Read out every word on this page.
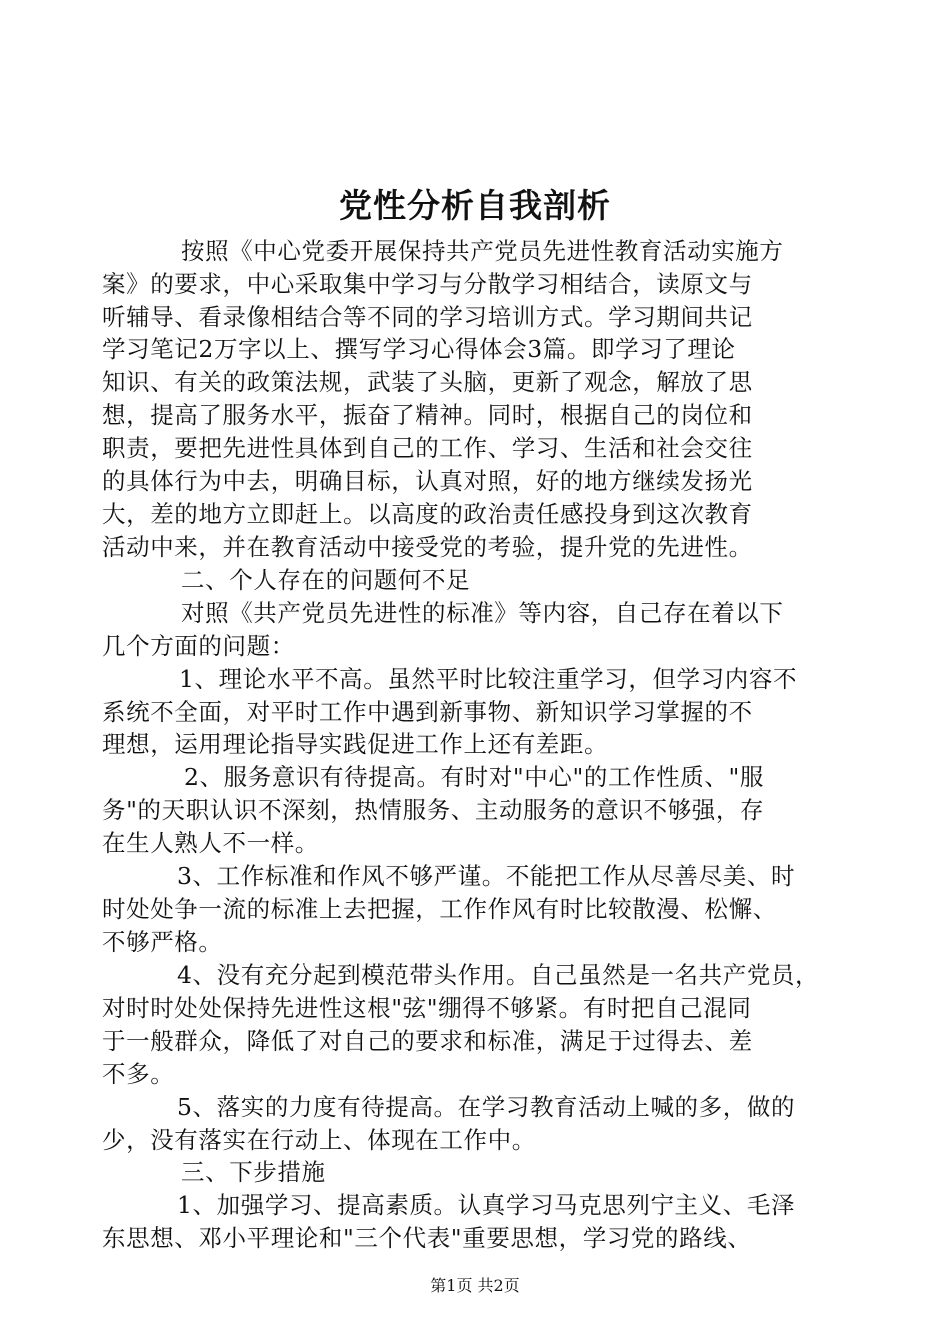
党性分析自我剖析
按照《中心党委开展保持共产党员先进性教育活动实施方
案》的要求，中心采取集中学习与分散学习相结合，读原文与
听辅导、看录像相结合等不同的学习培训方式。学习期间共记
学习笔记2万字以上、撰写学习心得体会3篇。即学习了理论
知识、有关的政策法规，武装了头脑，更新了观念，解放了思
想，提高了服务水平，振奋了精神。同时，根据自己的岗位和
职责，要把先进性具体到自己的工作、学习、生活和社会交往
的具体行为中去，明确目标，认真对照，好的地方继续发扬光
大，差的地方立即赶上。以高度的政治责任感投身到这次教育
活动中来，并在教育活动中接受党的考验，提升党的先进性。
二、个人存在的问题何不足
对照《共产党员先进性的标准》等内容，自己存在着以下
几个方面的问题：
1、理论水平不高。虽然平时比较注重学习，但学习内容不
系统不全面，对平时工作中遇到新事物、新知识学习掌握的不
理想，运用理论指导实践促进工作上还有差距。
2、服务意识有待提高。有时对"中心"的工作性质、"服
务"的天职认识不深刻，热情服务、主动服务的意识不够强，存
在生人熟人不一样。
3、工作标准和作风不够严谨。不能把工作从尽善尽美、时
时处处争一流的标准上去把握，工作作风有时比较散漫、松懈、
不够严格。
4、没有充分起到模范带头作用。自己虽然是一名共产党员，
对时时处处保持先进性这根"弦"绷得不够紧。有时把自己混同
于一般群众，降低了对自己的要求和标准，满足于过得去、差
不多。
5、落实的力度有待提高。在学习教育活动上喊的多，做的
少，没有落实在行动上、体现在工作中。
三、下步措施
1、加强学习、提高素质。认真学习马克思列宁主义、毛泽
东思想、邓小平理论和"三个代表"重要思想，学习党的路线、
第1页 共2页
